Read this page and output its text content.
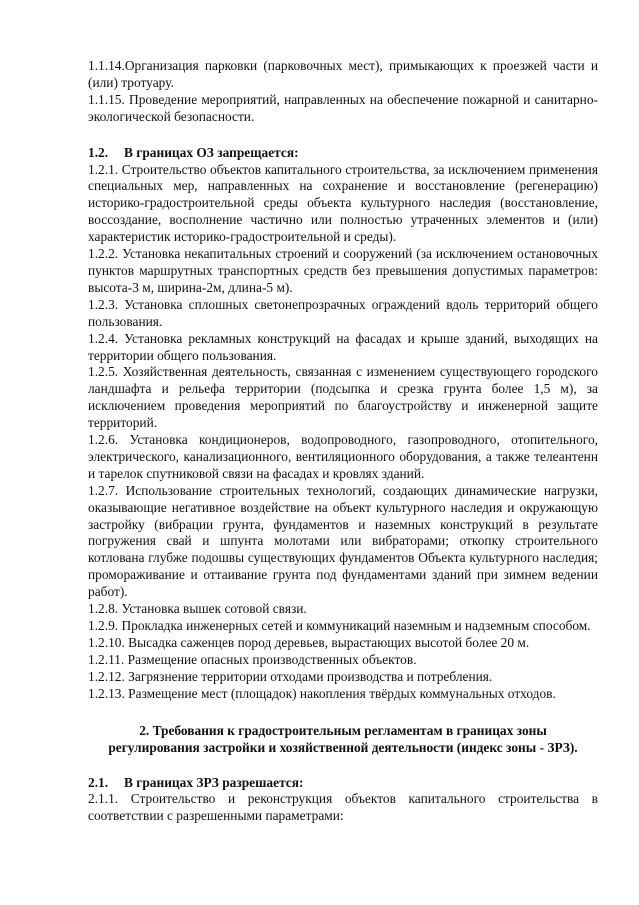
1.1.14.Организация парковки (парковочных мест), примыкающих к проезжей части и (или) тротуару.

1.1.15. Проведение мероприятий, направленных на обеспечение пожарной и санитарно-экологической безопасности.

1.2. В границах ОЗ запрещается:

1.2.1. Строительство объектов капитального строительства, за исключением применения специальных мер, направленных на сохранение и восстановление (регенерацию) историко-градостроительной среды объекта культурного наследия (восстановление, воссоздание, восполнение частично или полностью утраченных элементов и (или) характеристик историко-градостроительной и среды).

1.2.2. Установка некапитальных строений и сооружений (за исключением остановочных пунктов маршрутных транспортных средств без превышения допустимых параметров: высота-3 м, ширина-2м, длина-5 м).

1.2.3. Установка сплошных светонепрозрачных ограждений вдоль территорий общего пользования.

1.2.4. Установка рекламных конструкций на фасадах и крыше зданий, выходящих на территории общего пользования.

1.2.5. Хозяйственная деятельность, связанная с изменением существующего городского ландшафта и рельефа территории (подсыпка и срезка грунта более 1,5 м), за исключением проведения мероприятий по благоустройству и инженерной защите территорий.

1.2.6. Установка кондиционеров, водопроводного, газопроводного, отопительного, электрического, канализационного, вентиляционного оборудования, а также телеантенн и тарелок спутниковой связи на фасадах и кровлях зданий.

1.2.7. Использование строительных технологий, создающих динамические нагрузки, оказывающие негативное воздействие на объект культурного наследия и окружающую застройку (вибрации грунта, фундаментов и наземных конструкций в результате погружения свай и шпунта молотами или вибраторами; откопку строительного котлована глубже подошвы существующих фундаментов Объекта культурного наследия; проморaживание и оттаивание грунта под фундаментами зданий при зимнем ведении работ).

1.2.8. Установка вышек сотовой связи.

1.2.9. Прокладка инженерных сетей и коммуникаций наземным и надземным способом.

1.2.10. Высадка саженцев пород деревьев, вырастающих высотой более 20 м.

1.2.11. Размещение опасных производственных объектов.

1.2.12. Загрязнение территории отходами производства и потребления.

1.2.13. Размещение мест (площадок) накопления твёрдых коммунальных отходов.

2. Требования к градостроительным регламентам в границах зоны

регулирования застройки и хозяйственной деятельности (индекс зоны - ЗРЗ).

2.1. В границах ЗРЗ разрешается:

2.1.1. Строительство и реконструкция объектов капитального строительства в соответствии с разрешенными параметрами:
